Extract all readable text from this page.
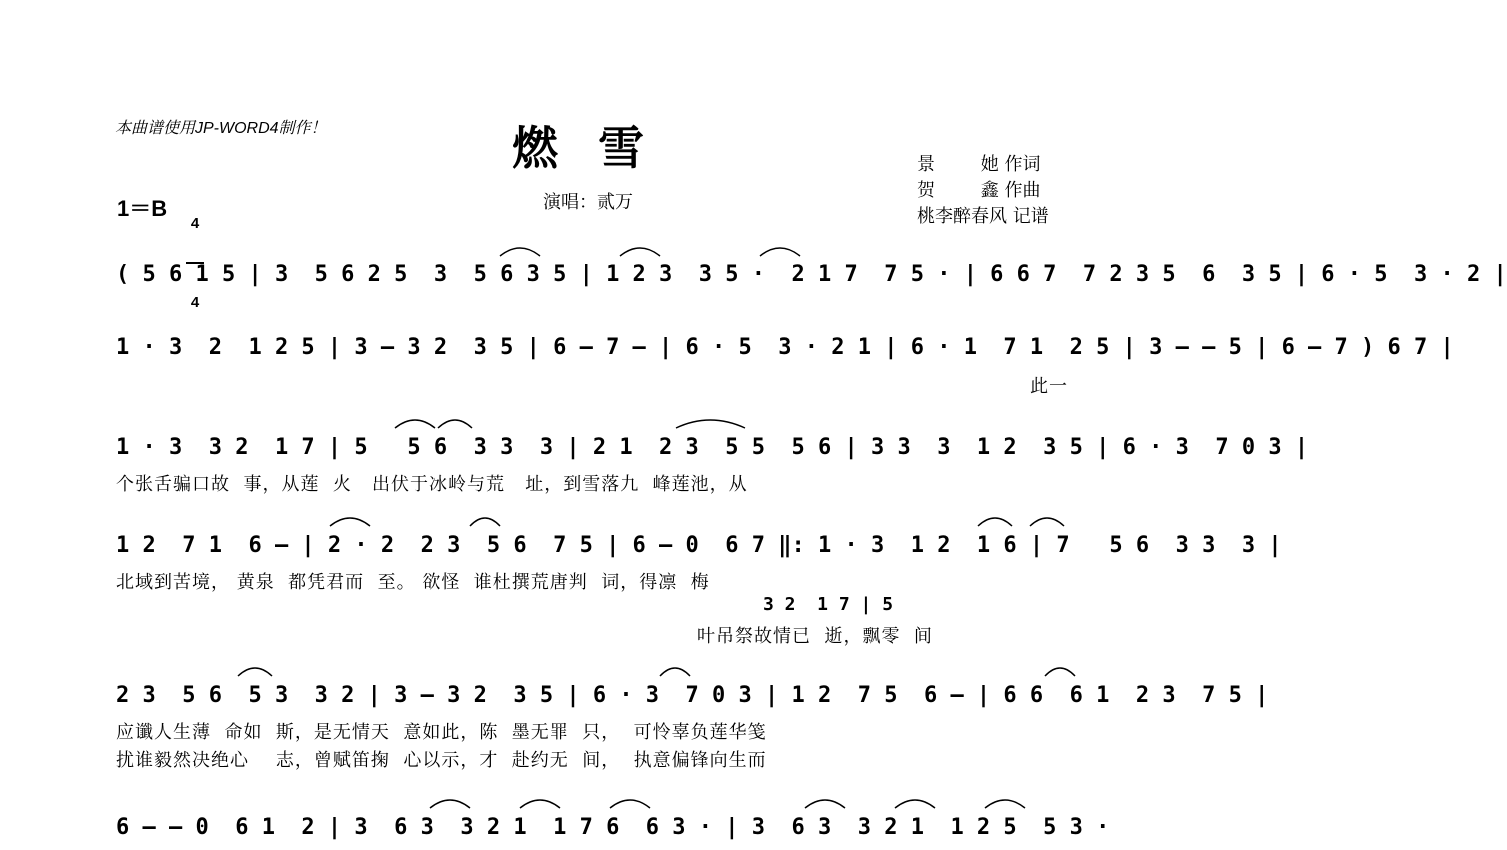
本曲谱使用JP-WORD4制作！	燃雪
演唱：贰万
景        她 作词
贺        鑫 作曲
桃李醉春风 记谱
1＝B

4

4

( 5 6 1 5 | 3  5 6 2 5  3  5 6 3 5 | 1 2 3  3 5 ·  2 1 7  7 5 · | 6 6 7  7 2 3 5  6  3 5 | 6 · 5  3 · 2 |
1 · 3  2  1 2 5 | 3 – 3 2  3 5 | 6 – 7 – | 6 · 5  3 · 2 1 | 6 · 1  7 1  2 5 | 3 – – 5 | 6 – 7 ) 6 7 |
此一
1 · 3  3 2  1 7 | 5   5 6  3 3  3 | 2 1  2 3  5 5  5 6 | 3 3  3  1 2  3 5 | 6 · 3  7 0 3 |
个张舌骗口故  事，从莲  火   出伏于冰岭与荒   址，到雪落九  峰莲池，从
1 2  7 1  6 – | 2 · 2  2 3  5 6  7 5 | 6 – 0  6 7 ‖: 1 · 3  1 2  1 6 | 7   5 6  3 3  3 |
北域到苦境， 黄泉  都凭君而  至。 欲怪  谁杜撰荒唐判  词，得凛  梅
3 2  1 7 | 5
叶吊祭故情已  逝，飘零  间
2 3  5 6  5 3  3 2 | 3 – 3 2  3 5 | 6 · 3  7 0 3 | 1 2  7 5  6 – | 6 6  6 1  2 3  7 5 |
应谶人生薄  命如  斯，是无情天  意如此，陈  墨无罪  只，  可怜辜负莲华笺
扰谁毅然决绝心    志，曾赋笛掬  心以示，才  赴约无  间，  执意偏锋向生而
6 – – 0  6 1  2 | 3  6 3  3 2 1  1 7 6  6 3 · | 3  6 3  3 2 1  1 2 5  5 3 ·
